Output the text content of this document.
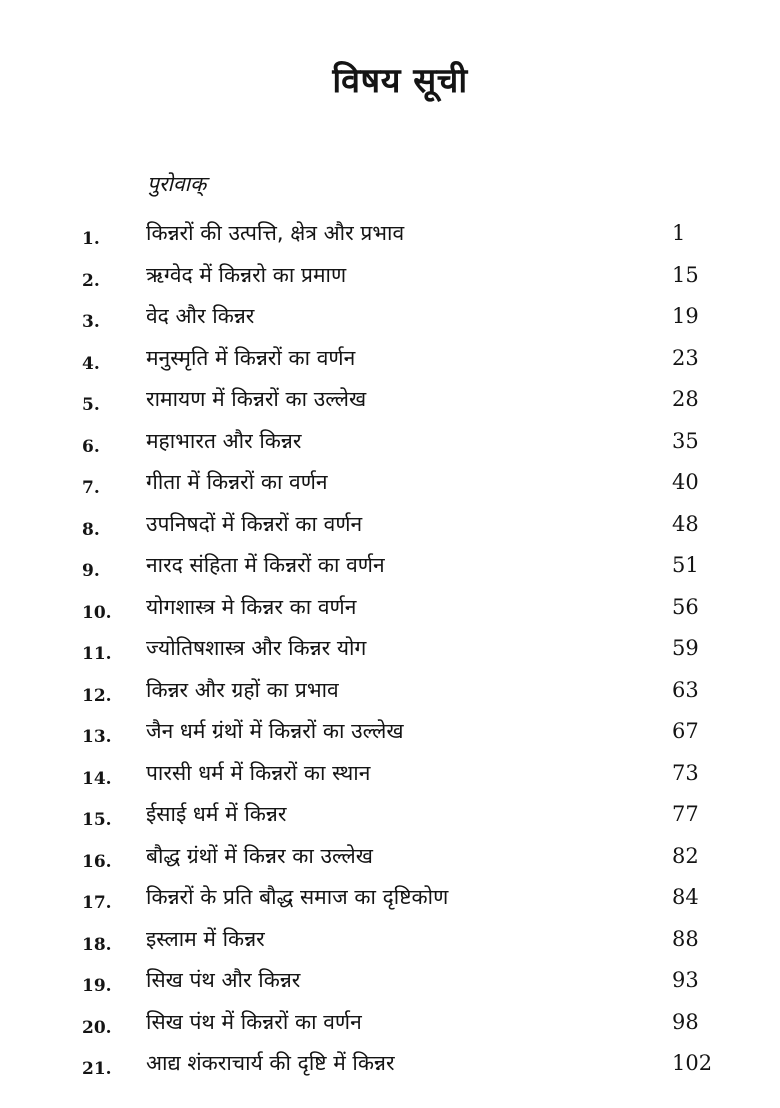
विषय सूची
पुरोवाक्
1. किन्नरों की उत्पत्ति, क्षेत्र और प्रभाव	1
2. ऋग्वेद में किन्नरो का प्रमाण	15
3. वेद और किन्नर	19
4. मनुस्मृति में किन्नरों का वर्णन	23
5. रामायण में किन्नरों का उल्लेख	28
6. महाभारत और किन्नर	35
7. गीता में किन्नरों का वर्णन	40
8. उपनिषदों में किन्नरों का वर्णन	48
9. नारद संहिता में किन्नरों का वर्णन	51
10. योगशास्त्र मे किन्नर का वर्णन	56
11. ज्योतिषशास्त्र और किन्नर योग	59
12. किन्नर और ग्रहों का प्रभाव	63
13. जैन धर्म ग्रंथों में किन्नरों का उल्लेख	67
14. पारसी धर्म में किन्नरों का स्थान	73
15. ईसाई धर्म में किन्नर	77
16. बौद्ध ग्रंथों में किन्नर का उल्लेख	82
17. किन्नरों के प्रति बौद्ध समाज का दृष्टिकोण	84
18. इस्लाम में किन्नर	88
19. सिख पंथ और किन्नर	93
20. सिख पंथ में किन्नरों का वर्णन	98
21. आद्य शंकराचार्य की दृष्टि में किन्नर	102
